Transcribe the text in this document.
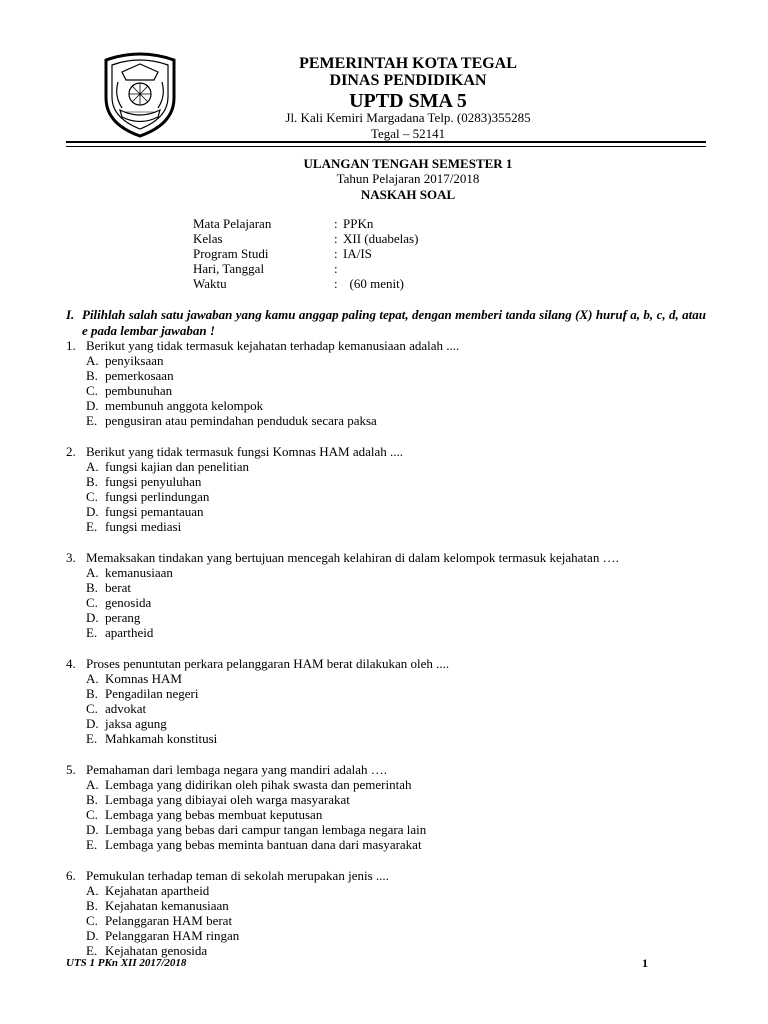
PEMERINTAH KOTA TEGAL
DINAS PENDIDIKAN
UPTD SMA 5
Jl. Kali Kemiri Margadana Telp. (0283)355285
Tegal – 52141
ULANGAN TENGAH SEMESTER 1
Tahun Pelajaran 2017/2018
NASKAH SOAL
Mata Pelajaran	: PPKn
Kelas	: XII (duabelas)
Program Studi	: IA/IS
Hari, Tanggal	:
Waktu	: (60 menit)
I. Pilihlah salah satu jawaban yang kamu anggap paling tepat, dengan memberi tanda silang (X) huruf a, b, c, d, atau e pada lembar jawaban !
1. Berikut yang tidak termasuk kejahatan terhadap kemanusiaan adalah ....
A. penyiksaan
B. pemerkosaan
C. pembunuhan
D. membunuh anggota kelompok
E. pengusiran atau pemindahan penduduk secara paksa
2. Berikut yang tidak termasuk fungsi Komnas HAM adalah ....
A. fungsi kajian dan penelitian
B. fungsi penyuluhan
C. fungsi perlindungan
D. fungsi pemantauan
E. fungsi mediasi
3. Memaksakan tindakan yang bertujuan mencegah kelahiran di dalam kelompok termasuk kejahatan ….
A. kemanusiaan
B. berat
C. genosida
D. perang
E. apartheid
4. Proses penuntutan perkara pelanggaran HAM berat dilakukan oleh ....
A. Komnas HAM
B. Pengadilan negeri
C. advokat
D. jaksa agung
E. Mahkamah konstitusi
5. Pemahaman dari lembaga negara yang mandiri adalah ….
A. Lembaga yang didirikan oleh pihak swasta dan pemerintah
B. Lembaga yang dibiayai oleh warga masyarakat
C. Lembaga yang bebas membuat keputusan
D. Lembaga yang bebas dari campur tangan lembaga negara lain
E. Lembaga yang bebas meminta bantuan dana dari masyarakat
6. Pemukulan terhadap teman di sekolah merupakan jenis ....
A. Kejahatan apartheid
B. Kejahatan kemanusiaan
C. Pelanggaran HAM berat
D. Pelanggaran HAM ringan
E. Kejahatan genosida
UTS 1 PKn XII 2017/2018	1
